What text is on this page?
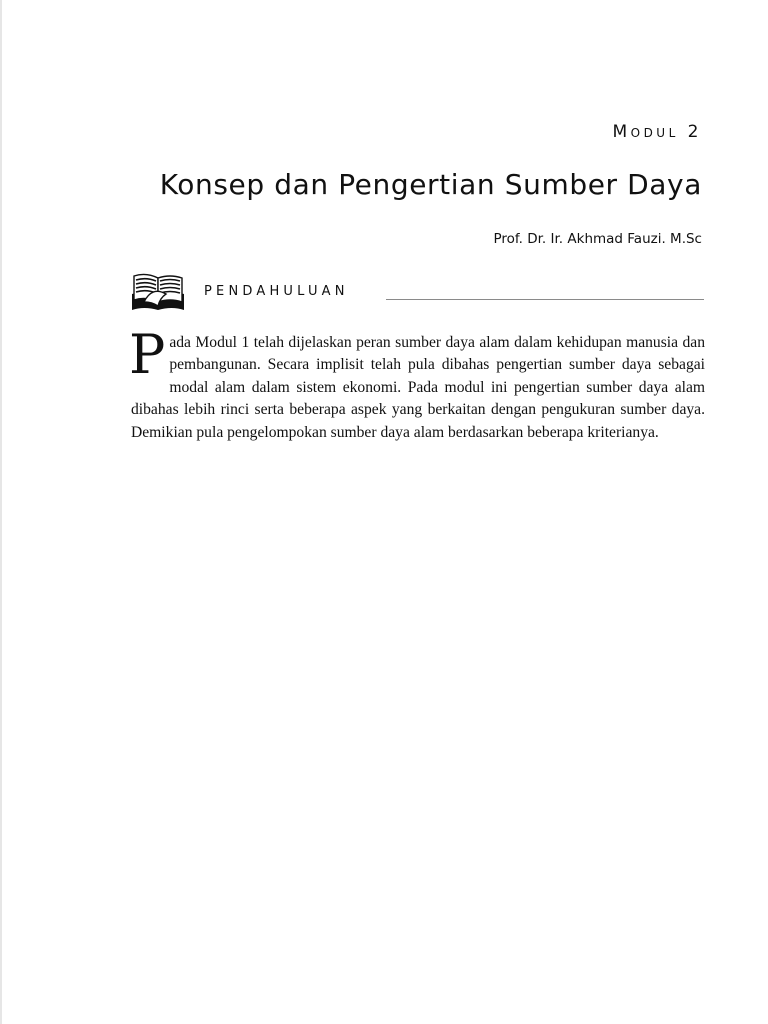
Modul 2
Konsep dan Pengertian Sumber Daya
Prof. Dr. Ir. Akhmad Fauzi. M.Sc
PENDAHULUAN

Pada Modul 1 telah dijelaskan peran sumber daya alam dalam kehidupan manusia dan pembangunan. Secara implisit telah pula dibahas pengertian sumber daya sebagai modal alam dalam sistem ekonomi. Pada modul ini pengertian sumber daya alam dibahas lebih rinci serta beberapa aspek yang berkaitan dengan pengukuran sumber daya. Demikian pula pengelompokan sumber daya alam berdasarkan beberapa kriterianya.
